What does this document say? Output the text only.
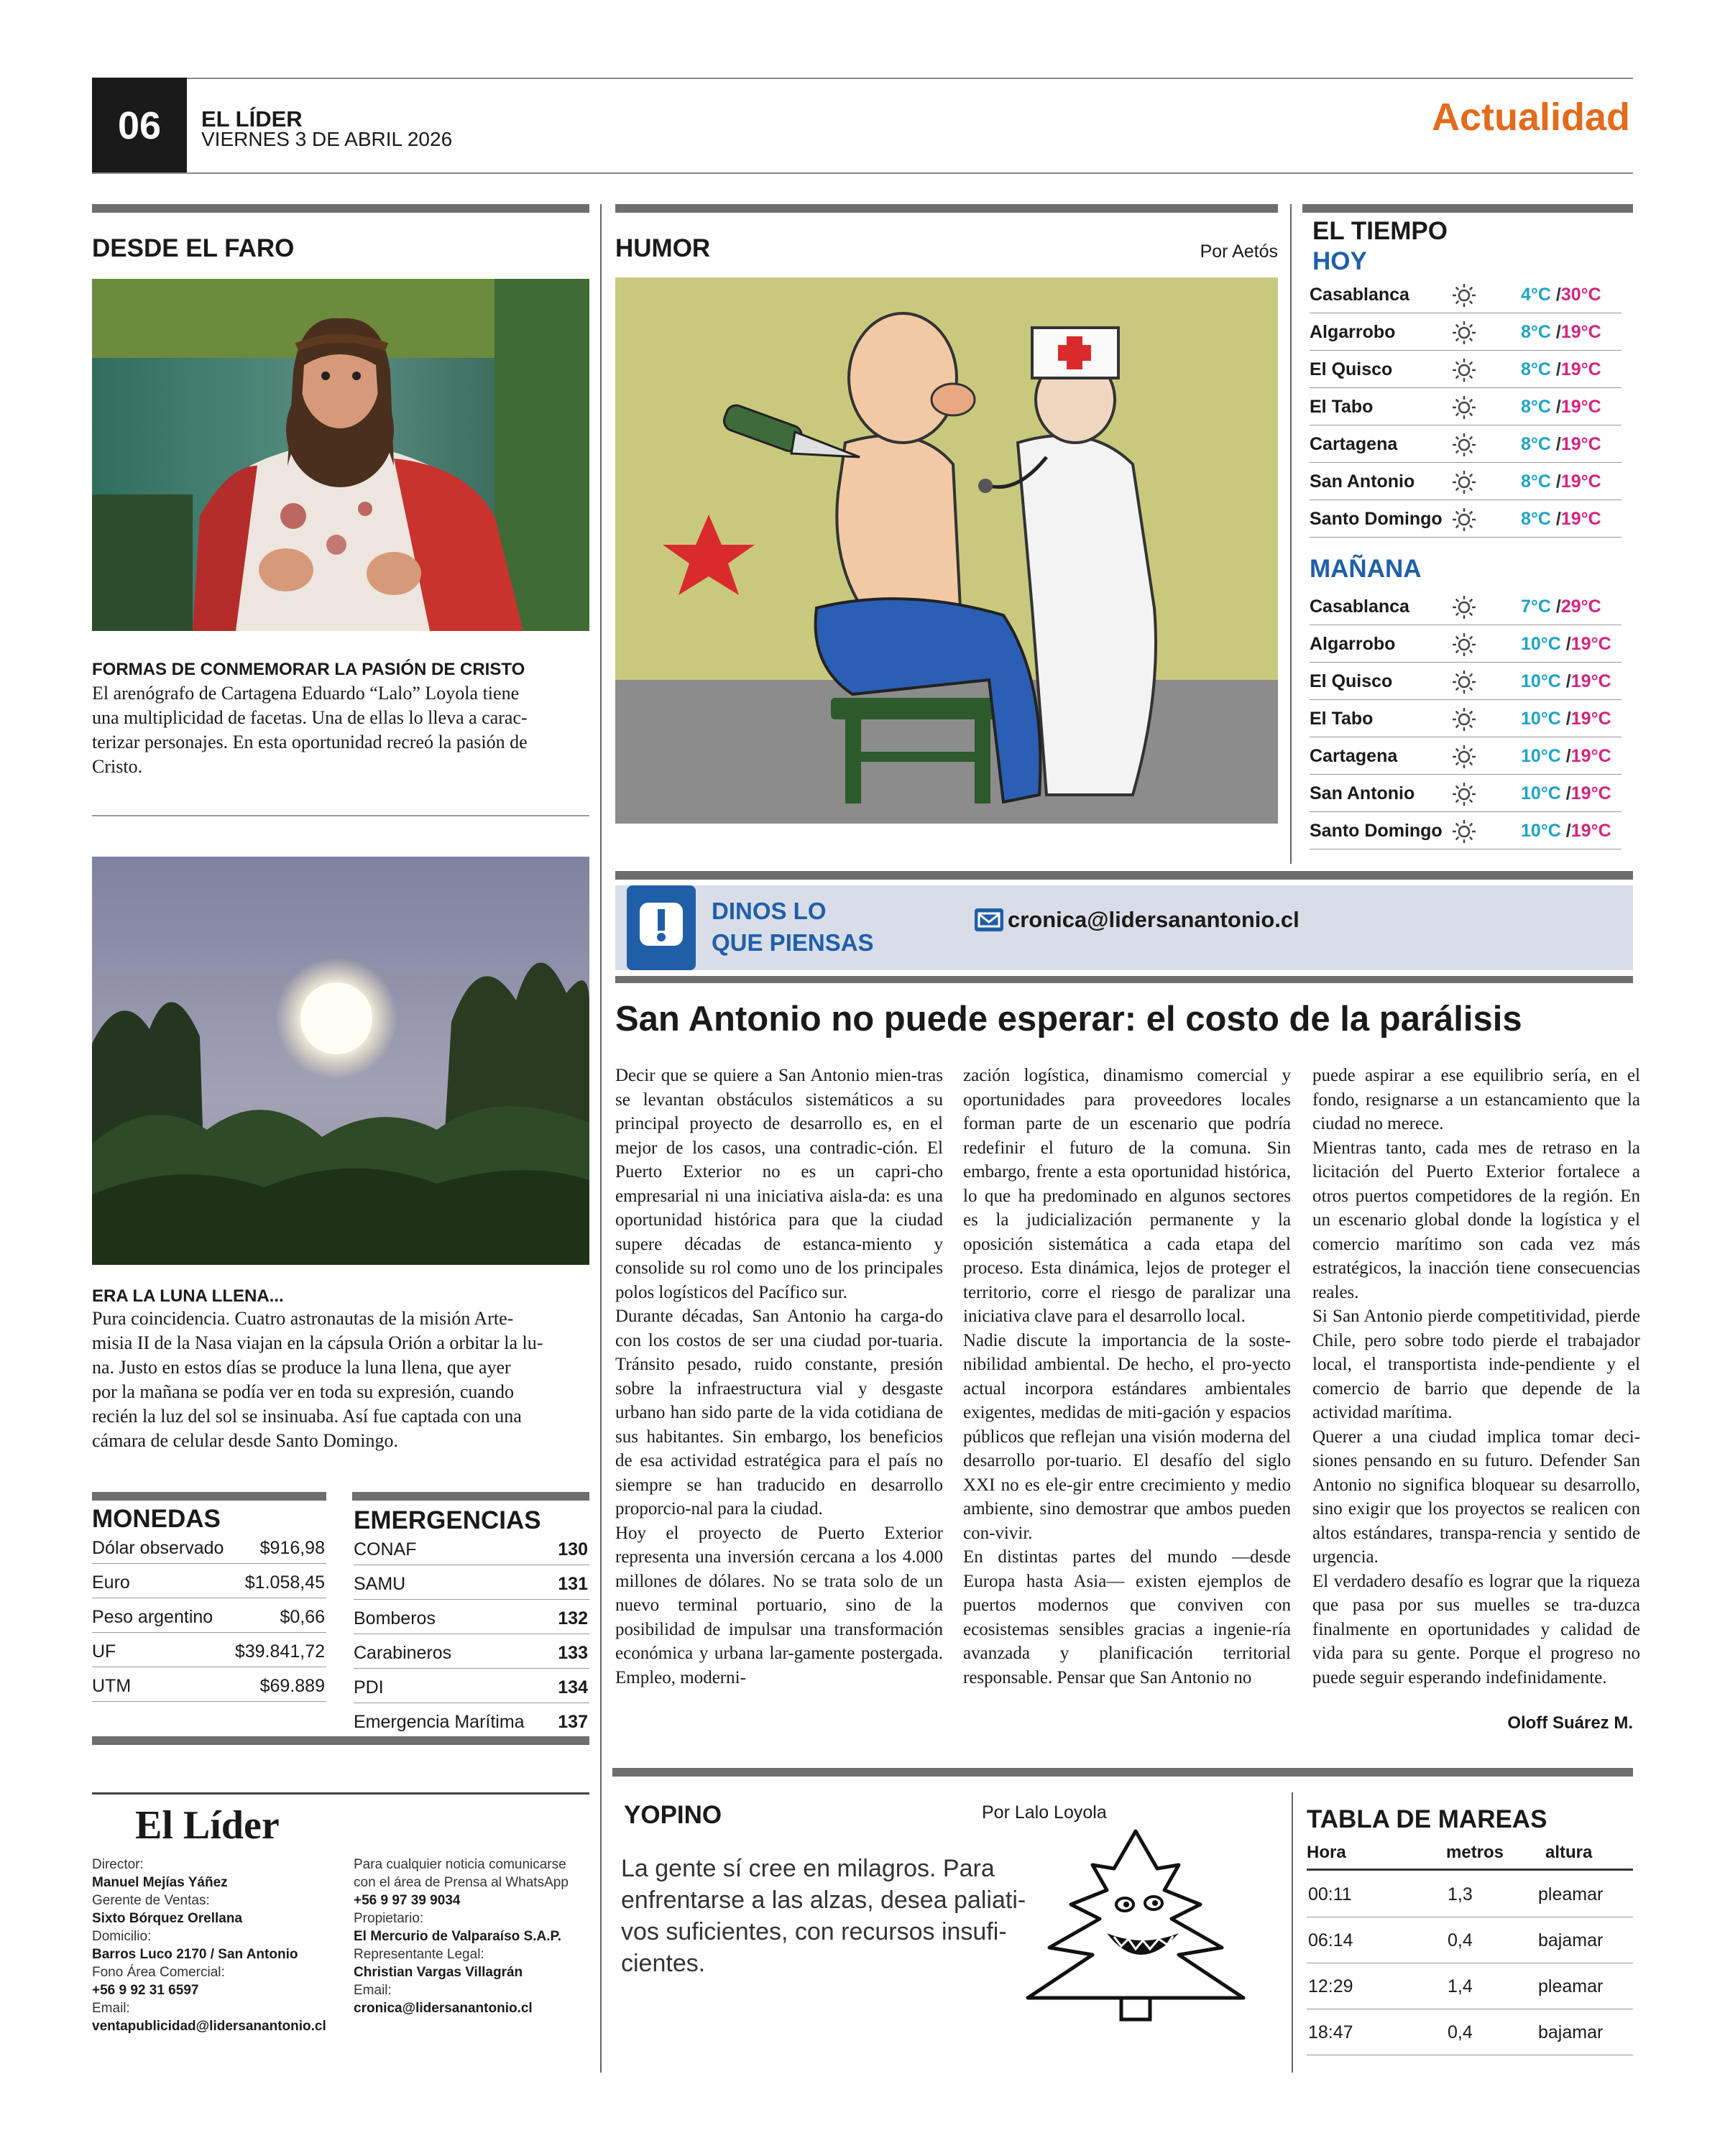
06	EL LÍDER
VIERNES 3 DE ABRIL 2026
Actualidad
DESDE EL FARO
FORMAS DE CONMEMORAR LA PASIÓN DE CRISTO
El arenógrafo de Cartagena Eduardo “Lalo” Loyola tiene
una multiplicidad de facetas. Una de ellas lo lleva a carac-
terizar personajes. En esta oportunidad recreó la pasión de
Cristo.
ERA LA LUNA LLENA...
Pura coincidencia. Cuatro astronautas de la misión Arte-
misia II de la Nasa viajan en la cápsula Orión a orbitar la lu-
na. Justo en estos días se produce la luna llena, que ayer
por la mañana se podía ver en toda su expresión, cuando
recién la luz del sol se insinuaba. Así fue captada con una
cámara de celular desde Santo Domingo.
HUMOR	Por Aetós
EL TIEMPO
HOY
Casablanca	4°C /30°C
Algarrobo	8°C /19°C
El Quisco	8°C /19°C
El Tabo	8°C /19°C
Cartagena	8°C /19°C
San Antonio	8°C /19°C
Santo Domingo	8°C /19°C
MAÑANA
Casablanca	7°C /29°C
Algarrobo	10°C /19°C
El Quisco	10°C /19°C
El Tabo	10°C /19°C
Cartagena	10°C /19°C
San Antonio	10°C /19°C
Santo Domingo	10°C /19°C
DINOS LO
QUE PIENSAS
cronica@lidersanantonio.cl
San Antonio no puede esperar: el costo de la parálisis

Decir que se quiere a San Antonio mien-tras se levantan obstáculos sistemáticos a su principal proyecto de desarrollo es, en el mejor de los casos, una contradic-ción. El Puerto Exterior no es un capri-cho empresarial ni una iniciativa aisla-da: es una oportunidad histórica para que la ciudad supere décadas de estanca-miento y consolide su rol como uno de los principales polos logísticos del Pacífico sur.

Durante décadas, San Antonio ha carga-do con los costos de ser una ciudad por-tuaria. Tránsito pesado, ruido constante, presión sobre la infraestructura vial y desgaste urbano han sido parte de la vida cotidiana de sus habitantes. Sin embargo, los beneficios de esa actividad estratégica para el país no siempre se han traducido en desarrollo proporcio-nal para la ciudad.

Hoy el proyecto de Puerto Exterior representa una inversión cercana a los 4.000 millones de dólares. No se trata solo de un nuevo terminal portuario, sino de la posibilidad de impulsar una transformación económica y urbana lar-gamente postergada. Empleo, moderni-

zación logística, dinamismo comercial y oportunidades para proveedores locales forman parte de un escenario que podría redefinir el futuro de la comuna. Sin embargo, frente a esta oportunidad histórica, lo que ha predominado en algunos sectores es la judicialización permanente y la oposición sistemática a cada etapa del proceso. Esta dinámica, lejos de proteger el territorio, corre el riesgo de paralizar una iniciativa clave para el desarrollo local.

Nadie discute la importancia de la soste-nibilidad ambiental. De hecho, el pro-yecto actual incorpora estándares ambientales exigentes, medidas de miti-gación y espacios públicos que reflejan una visión moderna del desarrollo por-tuario. El desafío del siglo XXI no es ele-gir entre crecimiento y medio ambiente, sino demostrar que ambos pueden con-vivir.

En distintas partes del mundo —desde Europa hasta Asia— existen ejemplos de puertos modernos que conviven con ecosistemas sensibles gracias a ingenie-ría avanzada y planificación territorial responsable. Pensar que San Antonio no

puede aspirar a ese equilibrio sería, en el fondo, resignarse a un estancamiento que la ciudad no merece.

Mientras tanto, cada mes de retraso en la licitación del Puerto Exterior fortalece a otros puertos competidores de la región. En un escenario global donde la logística y el comercio marítimo son cada vez más estratégicos, la inacción tiene consecuencias reales.

Si San Antonio pierde competitividad, pierde Chile, pero sobre todo pierde el trabajador local, el transportista inde-pendiente y el comercio de barrio que depende de la actividad marítima.

Querer a una ciudad implica tomar deci-siones pensando en su futuro. Defender San Antonio no significa bloquear su desarrollo, sino exigir que los proyectos se realicen con altos estándares, transpa-rencia y sentido de urgencia.

El verdadero desafío es lograr que la riqueza que pasa por sus muelles se tra-duzca finalmente en oportunidades y calidad de vida para su gente. Porque el progreso no puede seguir esperando indefinidamente.

Oloff Suárez M.
MONEDAS
Dólar observado $916,98
Euro	$1.058,45
Peso argentino	$0,66
UF	$39.841,72
UTM	$69.889
EMERGENCIAS
CONAF	130
SAMU	131
Bomberos	132
Carabineros	133
PDI	134
Emergencia Marítima 137
El Líder
Director:
Manuel Mejías Yáñez
Gerente de Ventas:
Sixto Bórquez Orellana
Domicilio:
Barros Luco 2170 / San Antonio
Fono Área Comercial:
+56 9 92 31 6597
Email:
ventapublicidad@lidersanantonio.cl
Para cualquier noticia comunicarse
con el área de Prensa al WhatsApp
+56 9 97 39 9034
Propietario:
El Mercurio de Valparaíso S.A.P.
Representante Legal:
Christian Vargas Villagrán
Email:
cronica@lidersanantonio.cl
YOPINO	Por Lalo Loyola
La gente sí cree en milagros. Para
enfrentarse a las alzas, desea paliati-
vos suficientes, con recursos insufi-
cientes.
TABLA DE MAREAS
Hora	metros altura
00:11	1,3	pleamar
06:14	0,4	bajamar
12:29	1,4	pleamar
18:47	0,4	bajamar
